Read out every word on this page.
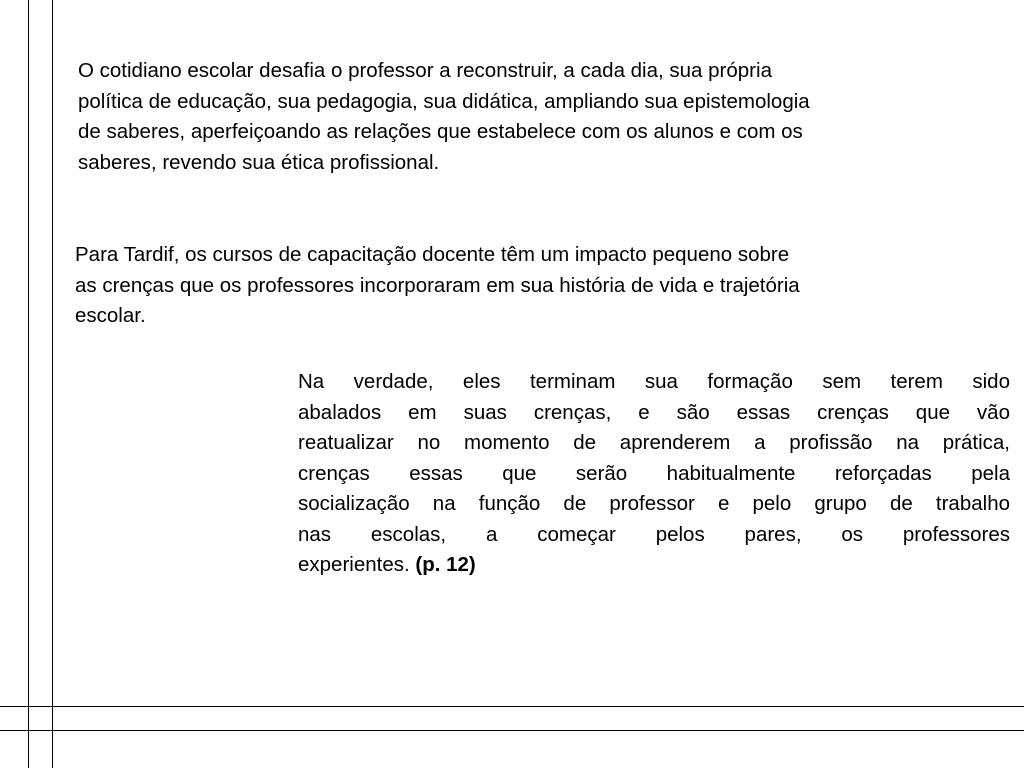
O cotidiano escolar desafia o professor a reconstruir, a cada dia, sua própria
política de educação, sua pedagogia, sua didática, ampliando sua epistemologia
de saberes, aperfeiçoando as relações que estabelece com os alunos e com os
saberes, revendo sua ética profissional.

Para Tardif, os cursos de capacitação docente têm um impacto pequeno sobre
as crenças que os professores incorporaram em sua história de vida e trajetória
escolar.

Na verdade, eles terminam sua formação sem terem sido
abalados em suas crenças, e são essas crenças que vão
reatualizar no momento de aprenderem a profissão na prática,
crenças essas que serão habitualmente reforçadas pela
socialização na função de professor e pelo grupo de trabalho
nas escolas, a começar pelos pares, os professores
experientes. (p. 12)
